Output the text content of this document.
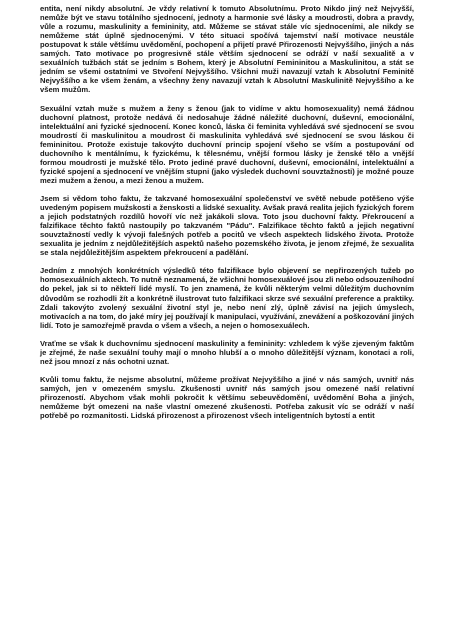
entita, není nikdy absolutní. Je vždy relativní k tomuto Absolutnímu. Proto Nikdo jiný než Nejvyšší, nemůže být ve stavu totálního sjednocení, jednoty a harmonie své lásky a moudrosti, dobra a pravdy, vůle a rozumu, maskulinity a femininity, atd. Můžeme se stávat stále víc sjednoceními, ale nikdy se nemůžeme stát úplně sjednocenými. V této situaci spočívá tajemství naší motivace neustále postupovat k stále většímu uvědomění, pochopení a přijetí pravé Přirozenosti Nejvyššího, jiných a nás samých. Tato motivace po progresivně stále větším sjednocení se odráží v naší sexualitě a v sexuálních tužbách stát se jedním s Bohem, který je Absolutní Femininitou a Maskulinitou, a stát se jedním se všemi ostatními ve Stvoření Nejvyššího. Všichni muži navazují vztah k Absolutní Feminitě Nejvyššího a ke všem ženám, a všechny ženy navazují vztah k Absolutní Maskulinitě Nejvyššího a ke všem mužům.

Sexuální vztah muže s mužem a ženy s ženou (jak to vidíme v aktu homosexuality) nemá žádnou duchovní platnost, protože nedává či nedosahuje žádné náležité duchovní, duševní, emocionální, intelektuální ani fyzické sjednocení. Konec konců, láska či feminita vyhledává své sjednocení se svou moudrostí či maskulinitou a moudrost či maskulinita vyhledává své sjednocení se svou láskou či femininitou. Protože existuje takovýto duchovní princip spojení všeho se vším a postupování od duchovního k mentálnímu, k fyzickému, k tělesnému, vnější formou lásky je ženské tělo a vnější formou moudrosti je mužské tělo. Proto jediné pravé duchovní, duševní, emocionální, intelektuální a fyzické spojení a sjednocení ve vnějším stupni (jako výsledek duchovní souvztažnosti) je možné pouze mezi mužem a ženou, a mezi ženou a mužem.

Jsem si vědom toho faktu, že takzvané homosexuální společenství ve světě nebude potěšeno výše uvedeným popisem mužskosti a ženskosti a lidské sexuality. Avšak pravá realita jejich fyzických forem a jejich podstatných rozdílů hovoří víc než jakákoli slova. Toto jsou duchovní fakty. Překroucení a falzifikace těchto faktů nastoupily po takzvaném "Pádu". Falzifikace těchto faktů a jejich negativní souvztažností vedly k vývoji falešných potřeb a pocitů ve všech aspektech lidského života. Protože sexualita je jedním z nejdůležitějších aspektů našeho pozemského života, je jenom zřejmé, že sexualita se stala nejdůležitějším aspektem překroucení a padělání.

Jedním z mnohých konkrétních výsledků této falzifikace bylo objevení se nepřirozených tužeb po homosexuálních aktech. To nutně neznamená, že všichni homosexuálové jsou zli nebo odsouzeníhodní do pekel, jak si to někteří lidé myslí. To jen znamená, že kvůli některým velmi důležitým duchovním důvodům se rozhodli žít a konkrétně ilustrovat tuto falzifikaci skrze své sexuální preference a praktiky. Zdali takovýto zvolený sexuální životní styl je, nebo není zlý, úplně závisí na jejich úmyslech, motivacích a na tom, do jaké míry jej používají k manipulaci, využívání, znevážení a poškozování jiných lidí. Toto je samozřejmě pravda o všem a všech, a nejen o homosexuálech.

Vraťme se však k duchovnímu sjednocení maskulinity a femininity: vzhledem k výše zjeveným faktům je zřejmé, že naše sexuální touhy mají o mnoho hlubší a o mnoho důležitější význam, konotaci a roli, než jsou mnozí z nás ochotni uznat.

Kvůli tomu faktu, že nejsme absolutní, můžeme prožívat Nejvyššího a jiné v nás samých, uvnitř nás samých, jen v omezeném smyslu. Zkušenosti uvnitř nás samých jsou omezené naší relativní přirozeností. Abychom však mohli pokročit k většímu sebeuvědomění, uvědomění Boha a jiných, nemůžeme být omezeni na naše vlastní omezené zkušenosti. Potřeba zakusit víc se odráží v naší potřebě po rozmanitosti. Lidská přirozenost a přirozenost všech inteligentních bytostí a entit
